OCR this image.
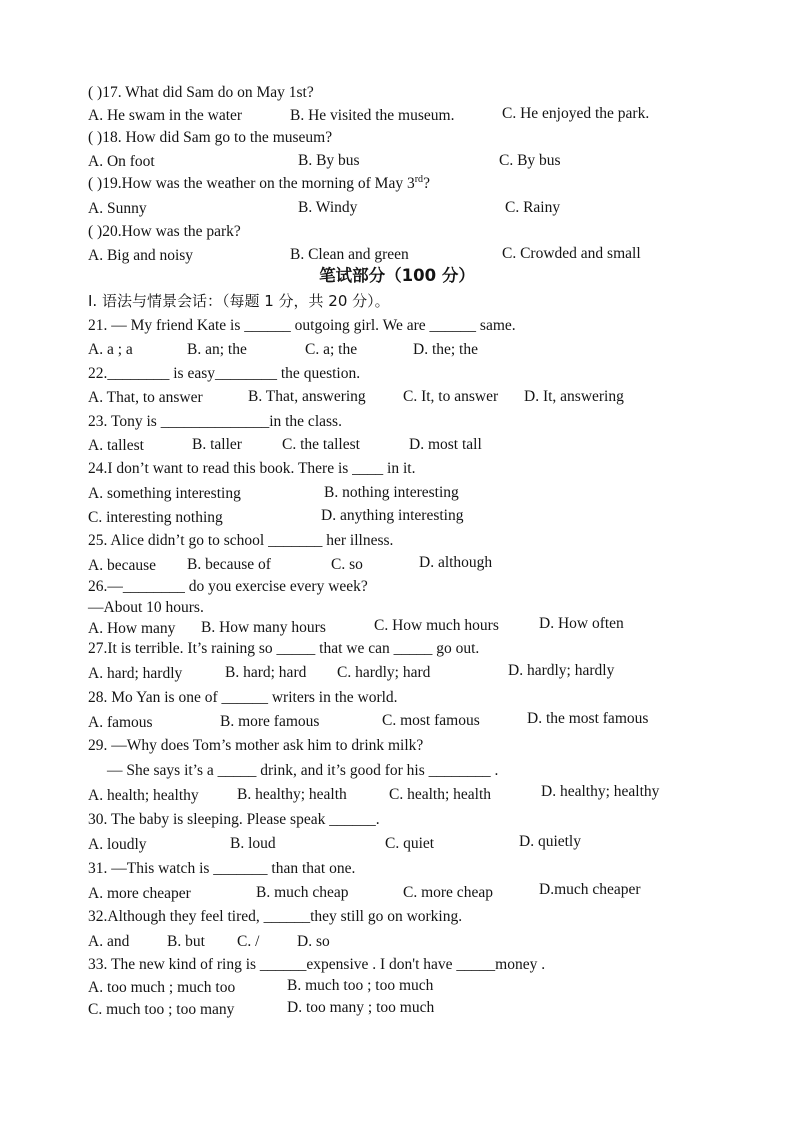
( )17. What did Sam do on May 1st?
A. He swam in the water	B. He visited the museum.	C. He enjoyed the park.
( )18. How did Sam go to the museum?
A. On foot	B. By bus	C. By bus
( )19.How was the weather on the morning of May 3rd?
A. Sunny	B. Windy	C. Rainy
( )20.How was the park?
A. Big and noisy	B. Clean and green	C. Crowded and small
笔试部分（100 分）
I. 语法与情景会话：（每题 1 分，共 20 分）。
21. — My friend Kate is ______ outgoing girl. We are ______ same.
A. a ; a	B. an; the	C. a; the	D. the; the
22.________ is easy________ the question.
A. That, to answer	B. That, answering C. It, to answer D. It, answering
23. Tony is ______________in the class.
A. tallest	B. taller	C. the tallest	D. most tall
24.I don’t want to read this book. There is ____ in it.
A. something interesting	B. nothing interesting
C. interesting nothing	D. anything interesting
25. Alice didn’t go to school _______ her illness.
A. because B. because of	C. so	D. although
26.—________ do you exercise every week?
—About 10 hours.
A. How many B. How many hours	C. How much hours	D. How often
27.It is terrible. It’s raining so _____ that we can _____ go out.
A. hard; hardly	B. hard; hard C. hardly; hard	D. hardly; hardly
28. Mo Yan is one of ______ writers in the world.
A. famous	B. more famous	C. most famous	D. the most famous
29. —Why does Tom’s mother ask him to drink milk?
— She says it’s a _____ drink, and it’s good for his ________ .
A. health; healthy B. healthy; health	C. health; health	D. healthy; healthy
30. The baby is sleeping. Please speak ______.
A. loudly	B. loud	C. quiet	D. quietly
31. —This watch is _______ than that one.
A. more cheaper	B. much cheap	C. more cheap	D.much cheaper
32.Although they feel tired, ______they still go on working.
A. and B. but C. / D. so
33. The new kind of ring is ______expensive . I don't have _____money .
A. too much ; much too	B. much too ; too much
C. much too ; too many	D. too many ; too much
